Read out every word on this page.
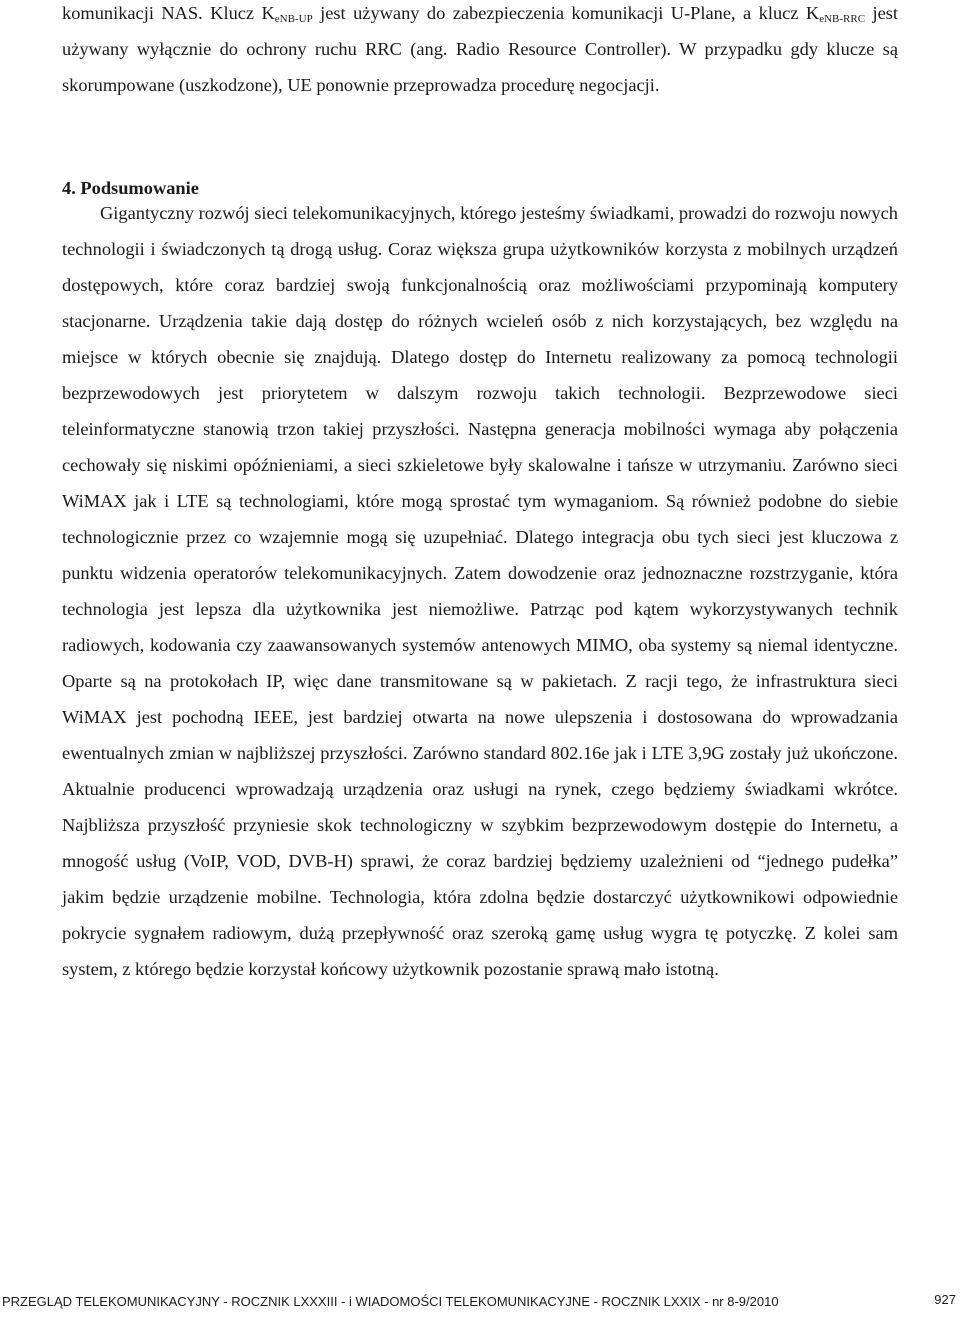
komunikacji NAS. Klucz $K_{eNB-UP}$ jest używany do zabezpieczenia komunikacji U-Plane, a klucz $K_{eNB-RRC}$ jest używany wyłącznie do ochrony ruchu RRC (ang. Radio Resource Controller). W przypadku gdy klucze są skorumpowane (uszkodzone), UE ponownie przeprowadza procedurę negocjacji.

4. Podsumowanie

Gigantyczny rozwój sieci telekomunikacyjnych, którego jesteśmy świadkami, prowadzi do rozwoju nowych technologii i świadczonych tą drogą usług. Coraz większa grupa użytkowników korzysta z mobilnych urządzeń dostępowych, które coraz bardziej swoją funkcjonalnością oraz możliwościami przypominają komputery stacjonarne. Urządzenia takie dają dostęp do różnych wcieleń osób z nich korzystających, bez względu na miejsce w których obecnie się znajdują. Dlatego dostęp do Internetu realizowany za pomocą technologii bezprzewodowych jest priorytetem w dalszym rozwoju takich technologii. Bezprzewodowe sieci teleinformatyczne stanowią trzon takiej przyszłości. Następna generacja mobilności wymaga aby połączenia cechowały się niskimi opóźnieniami, a sieci szkieletowe były skalowalne i tańsze w utrzymaniu. Zarówno sieci WiMAX jak i LTE są technologiami, które mogą sprostać tym wymaganiom. Są również podobne do siebie technologicznie przez co wzajemnie mogą się uzupełniać. Dlatego integracja obu tych sieci jest kluczowa z punktu widzenia operatorów telekomunikacyjnych. Zatem dowodzenie oraz jednoznaczne rozstrzyganie, która technologia jest lepsza dla użytkownika jest niemożliwe. Patrząc pod kątem wykorzystywanych technik radiowych, kodowania czy zaawansowanych systemów antenowych MIMO, oba systemy są niemal identyczne. Oparte są na protokołach IP, więc dane transmitowane są w pakietach. Z racji tego, że infrastruktura sieci WiMAX jest pochodną IEEE, jest bardziej otwarta na nowe ulepszenia i dostosowana do wprowadzania ewentualnych zmian w najbliższej przyszłości. Zarówno standard 802.16e jak i LTE 3,9G zostały już ukończone. Aktualnie producenci wprowadzają urządzenia oraz usługi na rynek, czego będziemy świadkami wkrótce. Najbliższa przyszłość przyniesie skok technologiczny w szybkim bezprzewodowym dostępie do Internetu, a mnogość usług (VoIP, VOD, DVB-H) sprawi, że coraz bardziej będziemy uzależnieni od “jednego pudełka” jakim będzie urządzenie mobilne. Technologia, która zdolna będzie dostarczyć użytkownikowi odpowiednie pokrycie sygnałem radiowym, dużą przepływność oraz szeroką gamę usług wygra tę potyczkę. Z kolei sam system, z którego będzie korzystał końcowy użytkownik pozostanie sprawą mało istotną.

PRZEGLĄD TELEKOMUNIKACYJNY - ROCZNIK LXXXIII - i WIADOMOŚCI TELEKOMUNIKACYJNE - ROCZNIK LXXIX - nr 8-9/2010	927
